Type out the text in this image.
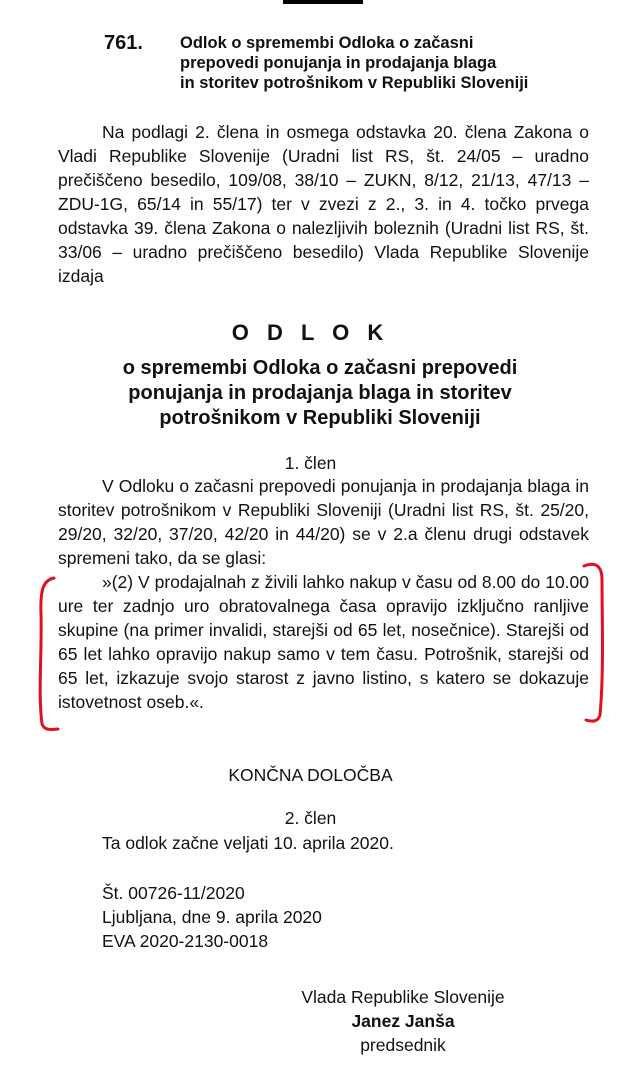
761. Odlok o spremembi Odloka o začasni
prepovedi ponujanja in prodajanja blaga
in storitev potrošnikom v Republiki Sloveniji
Na podlagi 2. člena in osmega odstavka 20. člena Zakona o Vladi Republike Slovenije (Uradni list RS, št. 24/05 – uradno prečiščeno besedilo, 109/08, 38/10 – ZUKN, 8/12, 21/13, 47/13 – ZDU-1G, 65/14 in 55/17) ter v zvezi z 2., 3. in 4. točko prvega odstavka 39. člena Zakona o nalezljivih boleznih (Uradni list RS, št. 33/06 – uradno prečiščeno besedilo) Vlada Republike Slovenije izdaja
O D L O K
o spremembi Odloka o začasni prepovedi
ponujanja in prodajanja blaga in storitev
potrošnikom v Republiki Sloveniji
1. člen
V Odloku o začasni prepovedi ponujanja in prodajanja blaga in storitev potrošnikom v Republiki Sloveniji (Uradni list RS, št. 25/20, 29/20, 32/20, 37/20, 42/20 in 44/20) se v 2.a členu drugi odstavek spremeni tako, da se glasi:
»(2) V prodajalnah z živili lahko nakup v času od 8.00 do 10.00 ure ter zadnjo uro obratovalnega časa opravijo izključno ranljive skupine (na primer invalidi, starejši od 65 let, nosečnice). Starejši od 65 let lahko opravijo nakup samo v tem času. Potrošnik, starejši od 65 let, izkazuje svojo starost z javno listino, s katero se dokazuje istovetnost oseb.«.
KONČNA DOLOČBA
2. člen
Ta odlok začne veljati 10. aprila 2020.
Št. 00726-11/2020
Ljubljana, dne 9. aprila 2020
EVA 2020-2130-0018
Vlada Republike Slovenije
Janez Janša
predsednik
